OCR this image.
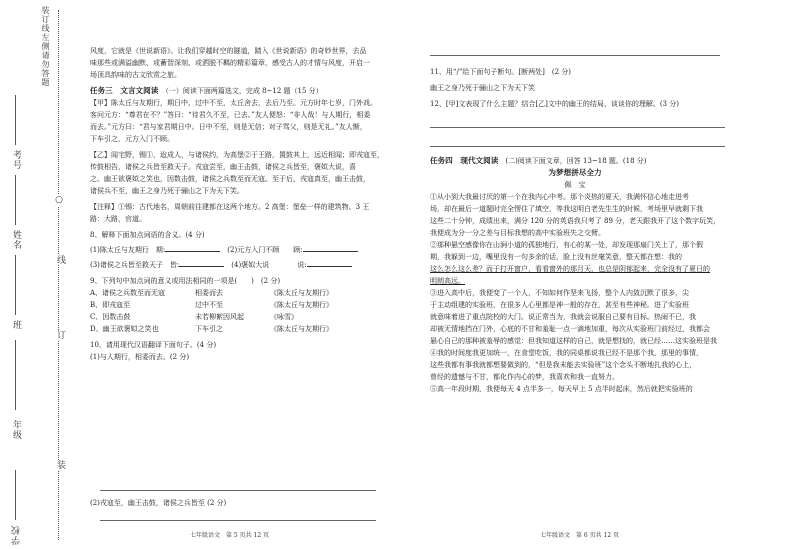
装订线左侧请勿答题
学校
年级
班
姓名
考号
装
订
线
○

风度，它就是《世说新语》。让我们穿越时空的隧道，踏入《世说新语》的奇妙世界，去品

味那些或满溢幽默、或蓄智深刻、或洒脱不羁的精彩篇章，感受古人的才情与风度，开启一

场顶具韵味的古文欣赏之旅。

任务三　文言文阅读　 （一）阅读下面两篇选文，完成 8~12 题（15 分）

【甲】陈太丘与友期行，期日中，过中不至，太丘舍去，去后乃至。元方时年七岁，门外戏。

客问元方：“尊君在不？”答曰：“待君久不至，已去。”友人便怒：“非人哉！与人期行，相委

而去。”元方曰：“君与家君期日中。日中不至，则是无信；对子骂父，则是无礼。”友人惭，

下车引之，元方入门不顾。

【乙】闻宅野，锡①，迨成人，与诸侯约，为高堡②于王路，置鼓其上，远近相闻；即戎寇至，

传鼓相告，诸侯之兵皆至救天子。戎寇尝至，幽王击鼓，诸侯之兵皆至，褒姒大说，喜

之。幽王欲褒姒之笑也，因数击鼓，诸侯之兵数至而无寇。至于后，戎寇真至，幽王击鼓，

诸侯兵不至，幽王之身乃死于骊山之下为天下笑。

【注释】①锡：古代地名，周朝前往建都在这两个地方。2 高堡：堡垒一样的建筑物。3 王

路：大路，官道。

8、解释下面加点词语的含义。(4 分)

(1)陈太丘与友期行　期:　	(2)元方入门不顾　　顾:

(3)诸侯之兵皆至救天子　皆:　	(4)褒姒大说　　　　说:

9、下列句中加点词的意义或用法相同的一项是(　　)　(2 分)

A、诸侯之兵数至而无寇	相委而去	《陈太丘与友期行》

B、即戎寇至	过中不至	《陈太丘与友期行》

C、因数击鼓	未若柳絮因风起	《咏雪》

D、幽王欲褒姒之笑也	下车引之	《陈太丘与友期行》

10、请用现代汉语翻译下面句子。(4 分)

(1)与人期行，相委而去。(2 分)

(2)戎寇至，幽王击鼓，诸侯之兵皆至 (2 分)

七年级语文　第 5 页共 12 页

11、用“/”给下面句子断句。[断两处]　(2 分)

幽王之身乃死于骊山之下为天下笑

12、[甲]文表现了什么主题？结合[乙]文中的幽王的结局，谈谈你的理解。(3 分)

任务四　现代文阅读　 (二)阅读下面文章，回答 13~18 题。(18 分)

为梦想拼尽全力

佩　宝

①从小到大我最讨厌的第一个在我内心中考。那个炎热的夏天，我满怀信心地走进考

场，却在最后一道题时完全愣住了填空，等我这明白老先生生的时候，考场里早就剩下我

这些二十分钟，成绩出来，满分 120 分的英语我只考了 89 分，老天跟我开了这个数字玩笑，

我便成为分一分之差与目标我想的高中实验班失之交臂。

②那种悬空感像你在山涧小道的孤独地行，有心的某一处，却发现那扇门关上了，那个假

期，我躲到一边，嘴里没有一句多余的话，脸上没有丝毫笑意，整天都在想：我的

这么怎么这么差？而于打开窗户，看看窗外的那月天，也总是阴郁起来，完全没有了夏日的

明朗高远。

③进入高中后，我便变了一个人，不知如何作坚来飞扬，整个人内敛沉默了很多，尖

于主动组建的实验班，在很多人心里都是神一般的存在，甚至有些神秘。进了实验班

就意味着进了重点院校的大门。说正常当为，我就会说服自己要有目标。热闹不已，我

却被无情地挡在门外，心底的不甘和羞耻一点一滴地加重，每次从实验班门前经过，我都会

悬心自己的那种被羞辱的感觉：但我知道这样的自己，就是想找的，就已经……这实验班是我

④我的时间度我更加统一，在食堂吃饭，我的同桌都说我已经不是那个我，那里的事情，

这些我都有事我就都想要做到的，“但是我未能去实验班”这个念头不断地扎我的心上，

曾经的遗憾与不甘，都化作内心的梦，我喜欢和我一直努力。

⑤高一年段时期，我便每天 4 点半多一，每天早上 5 点半时起床，然后就把实验班的

七年级语文　第 6 页共 12 页
